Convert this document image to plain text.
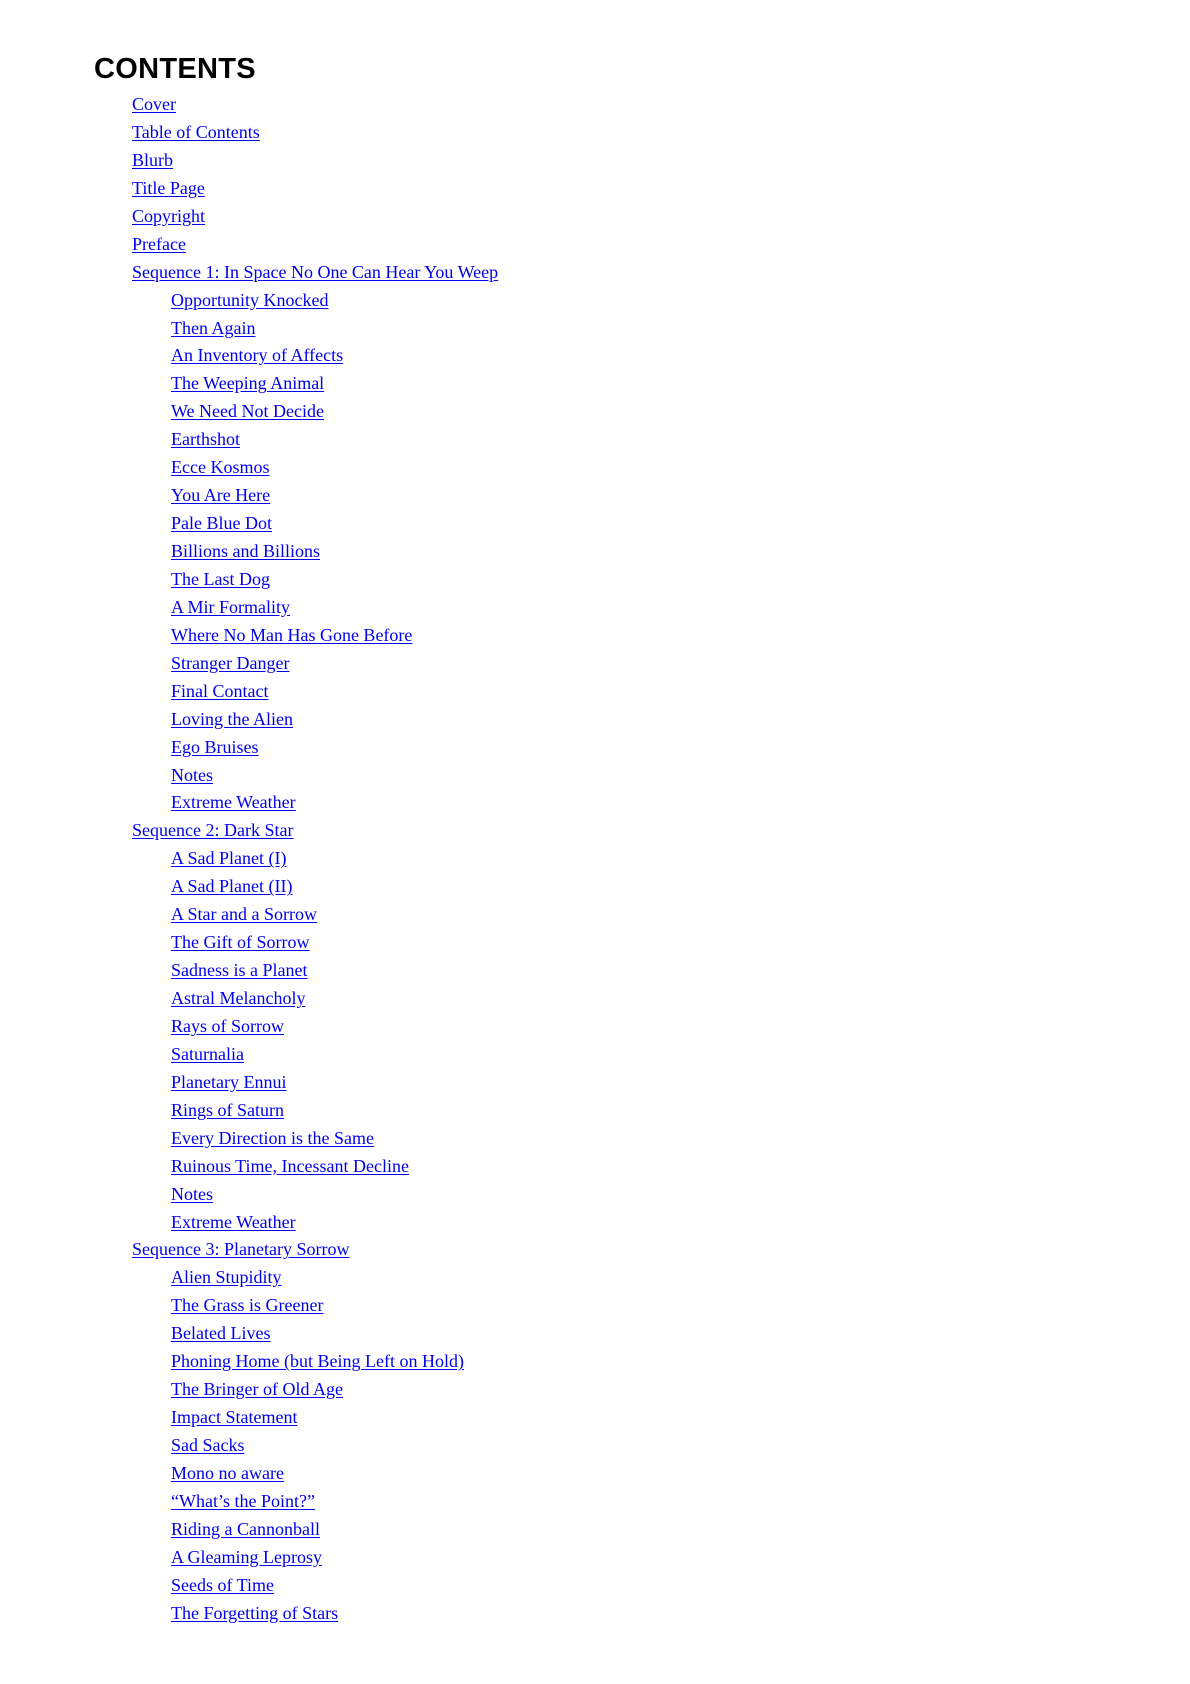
CONTENTS
Cover
Table of Contents
Blurb
Title Page
Copyright
Preface
Sequence 1: In Space No One Can Hear You Weep
Opportunity Knocked
Then Again
An Inventory of Affects
The Weeping Animal
We Need Not Decide
Earthshot
Ecce Kosmos
You Are Here
Pale Blue Dot
Billions and Billions
The Last Dog
A Mir Formality
Where No Man Has Gone Before
Stranger Danger
Final Contact
Loving the Alien
Ego Bruises
Notes
Extreme Weather
Sequence 2: Dark Star
A Sad Planet (I)
A Sad Planet (II)
A Star and a Sorrow
The Gift of Sorrow
Sadness is a Planet
Astral Melancholy
Rays of Sorrow
Saturnalia
Planetary Ennui
Rings of Saturn
Every Direction is the Same
Ruinous Time, Incessant Decline
Notes
Extreme Weather
Sequence 3: Planetary Sorrow
Alien Stupidity
The Grass is Greener
Belated Lives
Phoning Home (but Being Left on Hold)
The Bringer of Old Age
Impact Statement
Sad Sacks
Mono no aware
“What’s the Point?”
Riding a Cannonball
A Gleaming Leprosy
Seeds of Time
The Forgetting of Stars
